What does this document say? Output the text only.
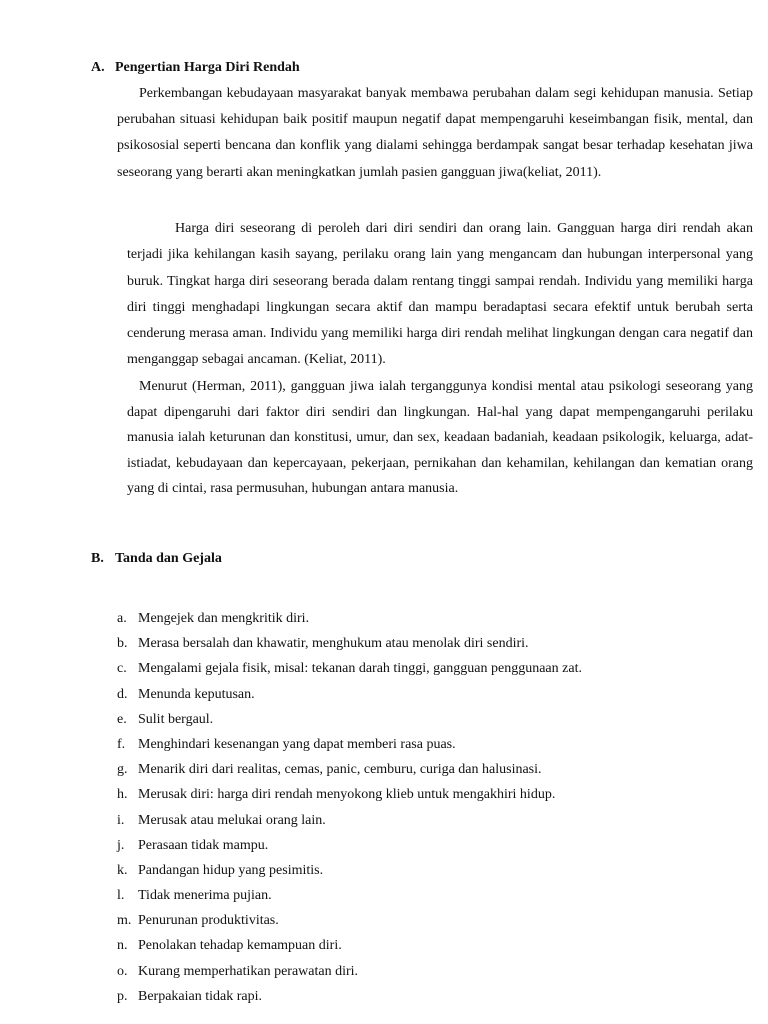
A. Pengertian Harga Diri Rendah

Perkembangan kebudayaan masyarakat banyak membawa perubahan dalam segi kehidupan manusia. Setiap perubahan situasi kehidupan baik positif maupun negatif dapat mempengaruhi keseimbangan fisik, mental, dan psikososial seperti bencana dan konflik yang dialami sehingga berdampak sangat besar terhadap kesehatan jiwa seseorang yang berarti akan meningkatkan jumlah pasien gangguan jiwa(keliat, 2011).

Harga diri seseorang di peroleh dari diri sendiri dan orang lain. Gangguan harga diri rendah akan terjadi jika kehilangan kasih sayang, perilaku orang lain yang mengancam dan hubungan interpersonal yang buruk. Tingkat harga diri seseorang berada dalam rentang tinggi sampai rendah. Individu yang memiliki harga diri tinggi menghadapi lingkungan secara aktif dan mampu beradaptasi secara efektif untuk berubah serta cenderung merasa aman. Individu yang memiliki harga diri rendah melihat lingkungan dengan cara negatif dan menganggap sebagai ancaman. (Keliat, 2011).

Menurut (Herman, 2011), gangguan jiwa ialah terganggunya kondisi mental atau psikologi seseorang yang dapat dipengaruhi dari faktor diri sendiri dan lingkungan. Hal-hal yang dapat mempengangaruhi perilaku manusia ialah keturunan dan konstitusi, umur, dan sex, keadaan badaniah, keadaan psikologik, keluarga, adat-istiadat, kebudayaan dan kepercayaan, pekerjaan, pernikahan dan kehamilan, kehilangan dan kematian orang yang di cintai, rasa permusuhan, hubungan antara manusia.

B. Tanda dan Gejala
a. Mengejek dan mengkritik diri.
b. Merasa bersalah dan khawatir, menghukum atau menolak diri sendiri.
c. Mengalami gejala fisik, misal: tekanan darah tinggi, gangguan penggunaan zat.
d. Menunda keputusan.
e. Sulit bergaul.
f. Menghindari kesenangan yang dapat memberi rasa puas.
g. Menarik diri dari realitas, cemas, panic, cemburu, curiga dan halusinasi.
h. Merusak diri: harga diri rendah menyokong klieb untuk mengakhiri hidup.
i. Merusak atau melukai orang lain.
j. Perasaan tidak mampu.
k. Pandangan hidup yang pesimitis.
l. Tidak menerima pujian.
m. Penurunan produktivitas.
n. Penolakan tehadap kemampuan diri.
o. Kurang memperhatikan perawatan diri.
p. Berpakaian tidak rapi.
